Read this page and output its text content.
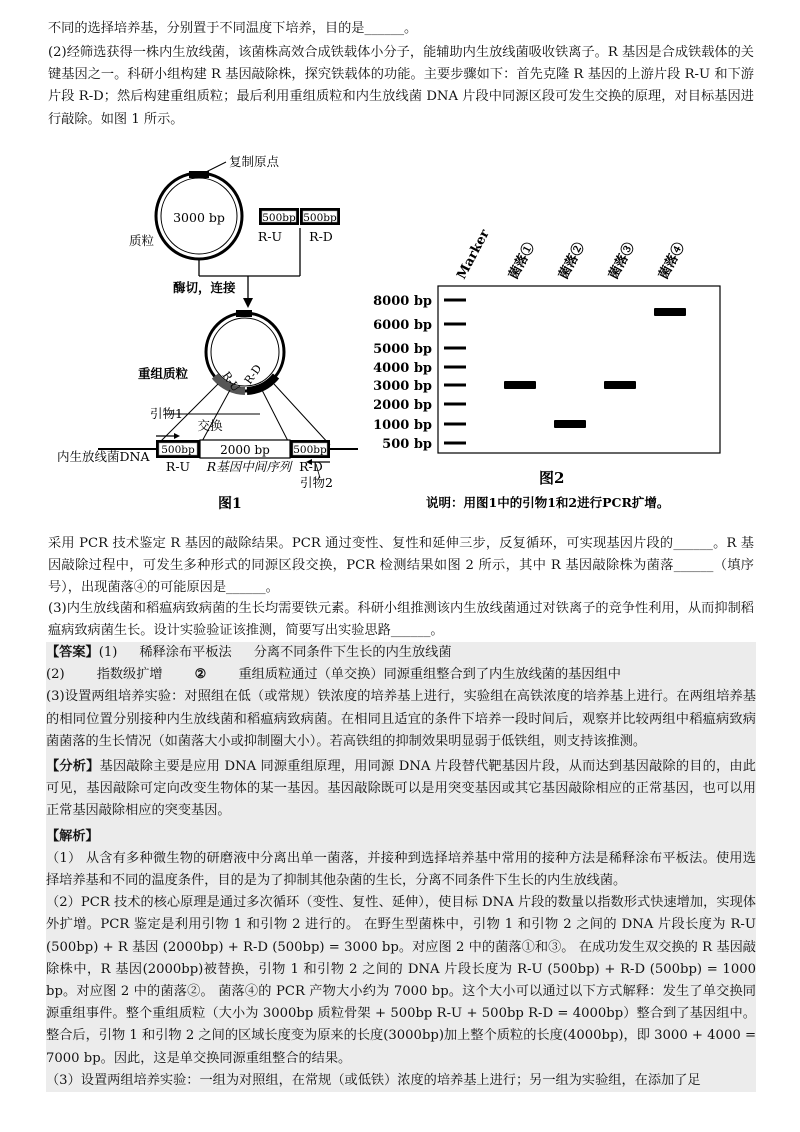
不同的选择培养基，分别置于不同温度下培养，目的是______。

(2)经筛选获得一株内生放线菌，该菌株高效合成铁载体小分子，能辅助内生放线菌吸收铁离子。R 基因是合成铁载体的关键基因之一。科研小组构建 R 基因敲除株，探究铁载体的功能。主要步骤如下：首先克隆 R 基因的上游片段 R-U 和下游片段 R-D；然后构建重组质粒；最后利用重组质粒和内生放线菌 DNA 片段中同源区段可发生交换的原理，对目标基因进行敲除。如图 1 所示。

复制原点
3000 bp
质粒
500bp 500bp
R-U R-D
酶切，连接
R-U R-D
重组质粒
交换
引物1
500bp 2000 bp 500bp
内生放线菌DNA
R-U R基因中间序列 R-D
引物2
图1
Marker 菌落① 菌落② 菌落③ 菌落④
8000 bp
6000 bp
5000 bp
4000 bp
3000 bp
2000 bp
1000 bp
500 bp
图2
说明：用图1中的引物1和2进行PCR扩增。

采用 PCR 技术鉴定 R 基因的敲除结果。PCR 通过变性、复性和延伸三步，反复循环，可实现基因片段的______。R 基因敲除过程中，可发生多种形式的同源区段交换，PCR 检测结果如图 2 所示，其中 R 基因敲除株为菌落______（填序号），出现菌落④的可能原因是______。

(3)内生放线菌和稻瘟病致病菌的生长均需要铁元素。科研小组推测该内生放线菌通过对铁离子的竞争性利用，从而抑制稻瘟病致病菌生长。设计实验验证该推测，简要写出实验思路______。

【答案】(1) 稀释涂布平板法 分离不同条件下生长的内生放线菌
(2) 指数级扩增 ② 重组质粒通过（单交换）同源重组整合到了内生放线菌的基因组中
(3)设置两组培养实验：对照组在低（或常规）铁浓度的培养基上进行，实验组在高铁浓度的培养基上进行。在两组培养基的相同位置分别接种内生放线菌和稻瘟病致病菌。在相同且适宜的条件下培养一段时间后，观察并比较两组中稻瘟病致病菌菌落的生长情况（如菌落大小或抑制圈大小）。若高铁组的抑制效果明显弱于低铁组，则支持该推测。
【分析】基因敲除主要是应用 DNA 同源重组原理，用同源 DNA 片段替代靶基因片段，从而达到基因敲除的目的，由此可见，基因敲除可定向改变生物体的某一基因。基因敲除既可以是用突变基因或其它基因敲除相应的正常基因，也可以用正常基因敲除相应的突变基因。
【解析】
（1） 从含有多种微生物的研磨液中分离出单一菌落，并接种到选择培养基中常用的接种方法是稀释涂布平板法。使用选择培养基和不同的温度条件，目的是为了抑制其他杂菌的生长，分离不同条件下生长的内生放线菌。
（2）PCR 技术的核心原理是通过多次循环（变性、复性、延伸），使目标 DNA 片段的数量以指数形式快速增加，实现体外扩增。PCR 鉴定是利用引物 1 和引物 2 进行的。 在野生型菌株中，引物 1 和引物 2 之间的 DNA 片段长度为 R-U (500bp) + R 基因 (2000bp) + R-D (500bp) = 3000 bp。对应图 2 中的菌落①和③。 在成功发生双交换的 R 基因敲除株中，R 基因(2000bp)被替换，引物 1 和引物 2 之间的 DNA 片段长度为 R-U (500bp) + R-D (500bp) = 1000 bp。对应图 2 中的菌落②。 菌落④的 PCR 产物大小约为 7000 bp。这个大小可以通过以下方式解释：发生了单交换同源重组事件。整个重组质粒（大小为 3000bp 质粒骨架 + 500bp R-U + 500bp R-D = 4000bp）整合到了基因组中。整合后，引物 1 和引物 2 之间的区域长度变为原来的长度(3000bp)加上整个质粒的长度(4000bp)，即 3000 + 4000 = 7000 bp。因此，这是单交换同源重组整合的结果。
（3）设置两组培养实验：一组为对照组，在常规（或低铁）浓度的培养基上进行；另一组为实验组，在添加了足
